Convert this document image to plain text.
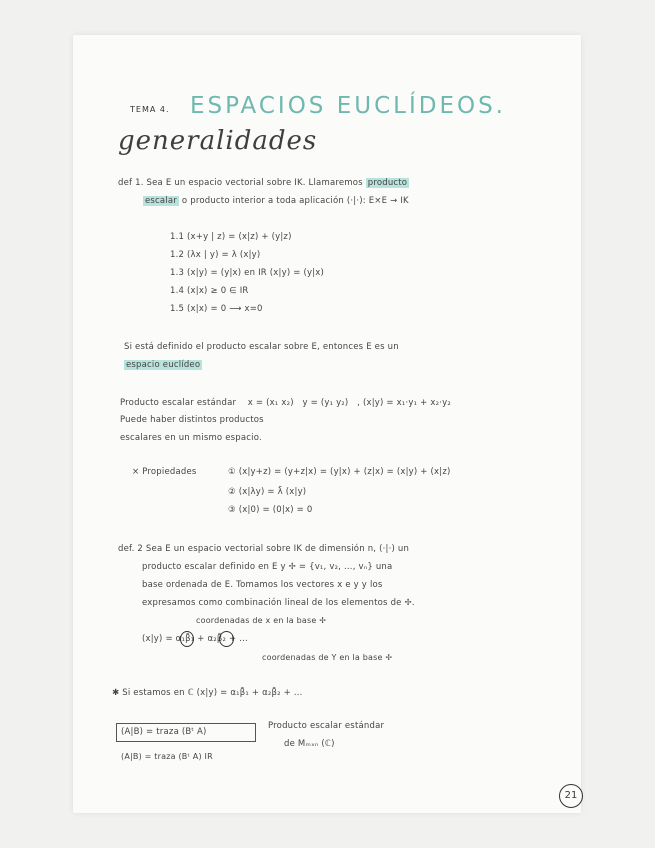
TEMA 4. ESPACIOS EUCLÍDEOS.
generalidades
def 1. Sea E un espacio vectorial sobre IK. Llamaremos producto
escalar o producto interior a toda aplicación (·|·): E×E → IK
1.1 (x+y | z) = (x|z) + (y|z)
1.2 (λx | y) = λ (x|y)
1.3 (x|y) = (y|x) en IR (x|y) = (y|x)
1.4 (x|x) ≥ 0 ∈ IR
1.5 (x|x) = 0 ⟶ x=0
Si está definido el producto escalar sobre E, entonces E es un
espacio euclídeo
Producto escalar estándar x = (x₁ x₂) y = (y₁ y₂) , (x|y) = x₁·y₁ + x₂·y₂
Puede haber distintos productos
escalares en un mismo espacio.
× Propiedades	① (x|y+z) = (y+z|x) = (y|x) + (z|x) = (x|y) + (x|z)
② (x|λy) = λ̄ (x|y)
③ (x|0) = (0|x) = 0
def. 2 Sea E un espacio vectorial sobre IK de dimensión n, (·|·) un
producto escalar definido en E y ✢ = {v₁, v₂, ..., vₙ} una
base ordenada de E. Tomamos los vectores x e y y los
expresamos como combinación lineal de los elementos de ✢.
coordenadas de x en la base ✢
(x|y) = α₁β̄₁ + α₂β̄₂ + ...
coordenadas de Y en la base ✢
✱ Si estamos en ℂ (x|y) = α₁β̄₁ + α₂β̄₂ + ...
(A|B) = traza (Bᵗ A)
Producto escalar estándar
de Mₘₓₙ (ℂ)
(A|B) = traza (Bᵗ A) IR
21
